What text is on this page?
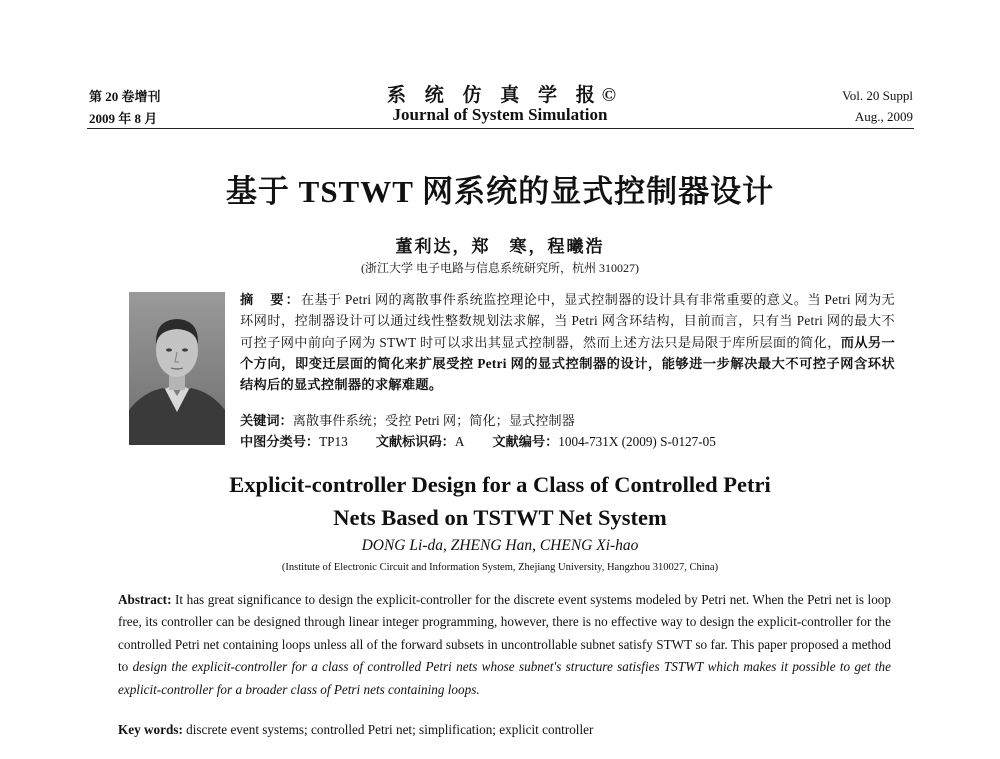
第 20 卷增刊
2009 年 8 月
系 统 仿 真 学 报©
Journal of System Simulation
Vol. 20 Suppl
Aug., 2009
基于 TSTWT 网系统的显式控制器设计
董利达，郑　寒，程曦浩
(浙江大学 电子电路与信息系统研究所，杭州 310027)
摘　要：在基于 Petri 网的离散事件系统监控理论中，显式控制器的设计具有非常重要的意义。当 Petri 网为无环网时，控制器设计可以通过线性整数规划法求解，当 Petri 网含环结构，目前而言，只有当 Petri 网的最大不可控子网中前向子网为 STWT 时可以求出其显式控制器，然而上述方法只是局限于库所层面的简化，而从另一个方向，即变迁层面的简化来扩展受控 Petri 网的显式控制器的设计，能够进一步解决最大不可控子网含环状结构后的显式控制器的求解难题。
关键词：离散事件系统；受控 Petri 网；简化；显式控制器
中图分类号：TP13 文献标识码：A 文献编号：1004-731X (2009) S-0127-05
Explicit-controller Design for a Class of Controlled Petri
Nets Based on TSTWT Net System
DONG Li-da, ZHENG Han, CHENG Xi-hao
(Institute of Electronic Circuit and Information System, Zhejiang University, Hangzhou 310027, China)
Abstract: It has great significance to design the explicit-controller for the discrete event systems modeled by Petri net. When the Petri net is loop free, its controller can be designed through linear integer programming, however, there is no effective way to design the explicit-controller for the controlled Petri net containing loops unless all of the forward subsets in uncontrollable subnet satisfy STWT so far. This paper proposed a method to design the explicit-controller for a class of controlled Petri nets whose subnet's structure satisfies TSTWT which makes it possible to get the explicit-controller for a broader class of Petri nets containing loops.
Key words: discrete event systems; controlled Petri net; simplification; explicit controller
